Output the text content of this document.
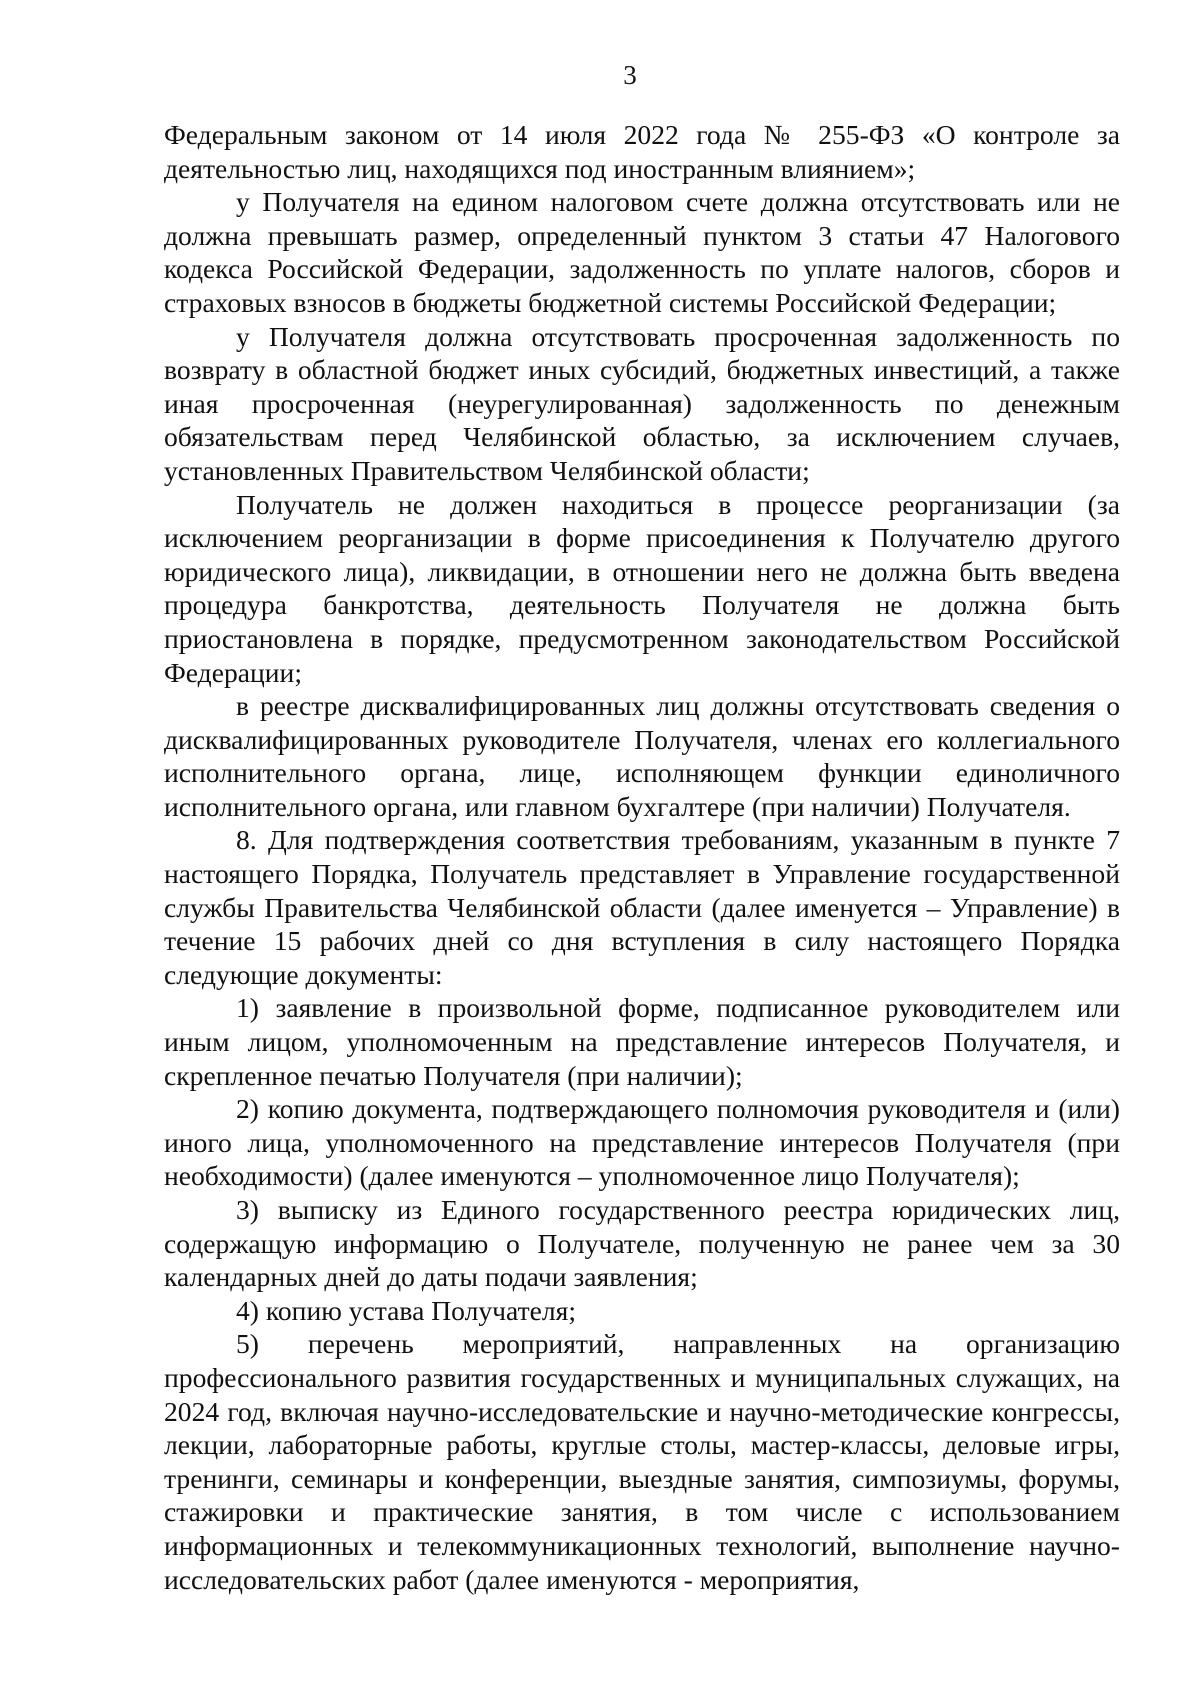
3

Федеральным законом от 14 июля 2022 года № 255-ФЗ «О контроле за деятельностью лиц, находящихся под иностранным влиянием»;

у Получателя на едином налоговом счете должна отсутствовать или не должна превышать размер, определенный пунктом 3 статьи 47 Налогового кодекса Российской Федерации, задолженность по уплате налогов, сборов и страховых взносов в бюджеты бюджетной системы Российской Федерации;

у Получателя должна отсутствовать просроченная задолженность по возврату в областной бюджет иных субсидий, бюджетных инвестиций, а также иная просроченная (неурегулированная) задолженность по денежным обязательствам перед Челябинской областью, за исключением случаев, установленных Правительством Челябинской области;

Получатель не должен находиться в процессе реорганизации (за исключением реорганизации в форме присоединения к Получателю другого юридического лица), ликвидации, в отношении него не должна быть введена процедура банкротства, деятельность Получателя не должна быть приостановлена в порядке, предусмотренном законодательством Российской Федерации;

в реестре дисквалифицированных лиц должны отсутствовать сведения о дисквалифицированных руководителе Получателя, членах его коллегиального исполнительного органа, лице, исполняющем функции единоличного исполнительного органа, или главном бухгалтере (при наличии) Получателя.

8. Для подтверждения соответствия требованиям, указанным в пункте 7 настоящего Порядка, Получатель представляет в Управление государственной службы Правительства Челябинской области (далее именуется – Управление) в течение 15 рабочих дней со дня вступления в силу настоящего Порядка следующие документы:

1) заявление в произвольной форме, подписанное руководителем или иным лицом, уполномоченным на представление интересов Получателя, и скрепленное печатью Получателя (при наличии);

2) копию документа, подтверждающего полномочия руководителя и (или) иного лица, уполномоченного на представление интересов Получателя (при необходимости) (далее именуются – уполномоченное лицо Получателя);

3) выписку из Единого государственного реестра юридических лиц, содержащую информацию о Получателе, полученную не ранее чем за 30 календарных дней до даты подачи заявления;

4) копию устава Получателя;

5) перечень мероприятий, направленных на организацию профессионального развития государственных и муниципальных служащих, на 2024 год, включая научно-исследовательские и научно-методические конгрессы, лекции, лабораторные работы, круглые столы, мастер-классы, деловые игры, тренинги, семинары и конференции, выездные занятия, симпозиумы, форумы, стажировки и практические занятия, в том числе с использованием информационных и телекоммуникационных технологий, выполнение научно-исследовательских работ (далее именуются - мероприятия,
